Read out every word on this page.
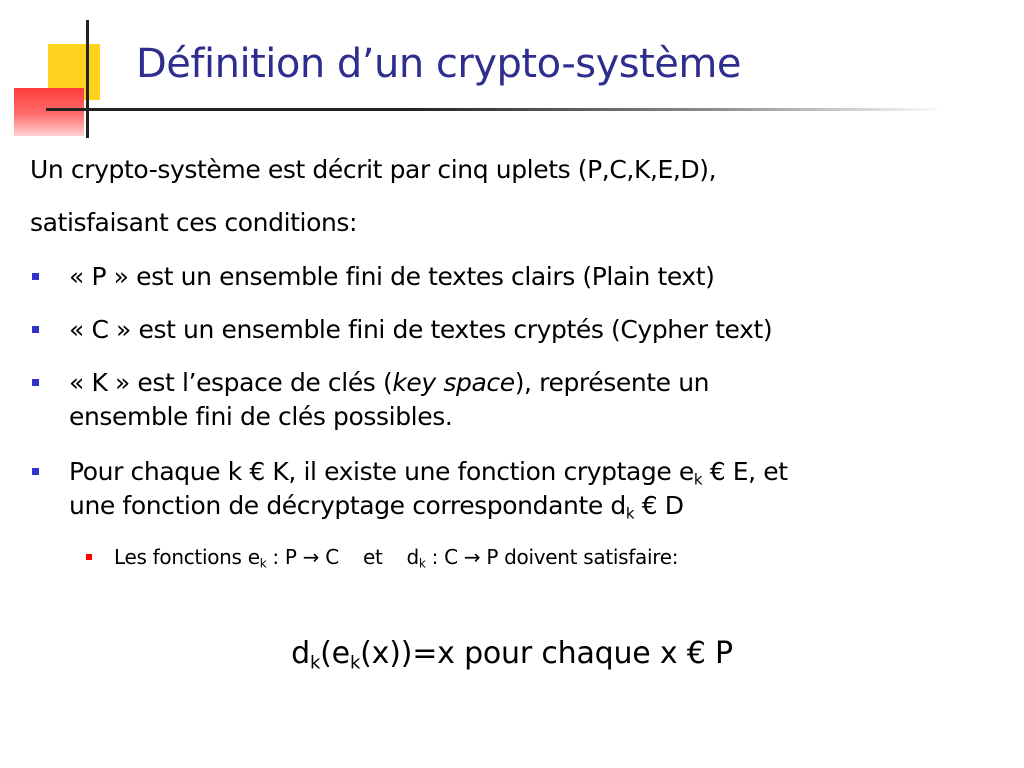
Définition d’un crypto-système
Un crypto-système est décrit par cinq uplets (P,C,K,E,D),
satisfaisant ces conditions:
« P » est un ensemble fini de textes clairs (Plain text)
« C » est un ensemble fini de textes cryptés (Cypher text)
« K » est l’espace de clés (key space), représente un
ensemble fini de clés possibles.
Pour chaque k € K, il existe une fonction cryptage $e_k$ € E, et
une fonction de décryptage correspondante $d_k$ € D
Les fonctions $e_k$ : P → C et $d_k$ : C → P doivent satisfaire:
$d_k(e_k(x))=x$ pour chaque x € P
